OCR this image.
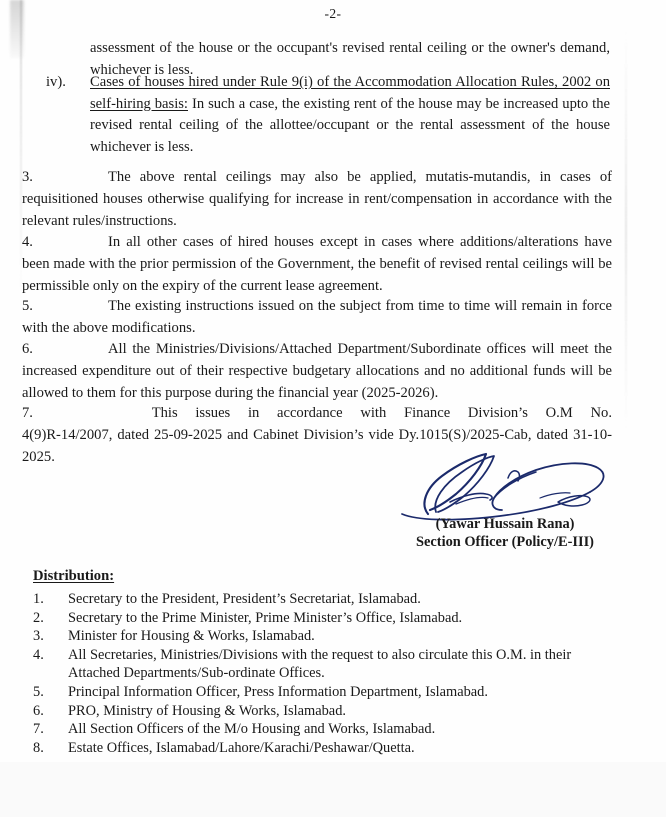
-2-
assessment of the house or the occupant's revised rental ceiling or the owner's demand, whichever is less.
iv). Cases of houses hired under Rule 9(i) of the Accommodation Allocation Rules, 2002 on self-hiring basis: In such a case, the existing rent of the house may be increased upto the revised rental ceiling of the allottee/occupant or the rental assessment of the house whichever is less.
3.	The above rental ceilings may also be applied, mutatis-mutandis, in cases of requisitioned houses otherwise qualifying for increase in rent/compensation in accordance with the relevant rules/instructions.
4.	In all other cases of hired houses except in cases where additions/alterations have been made with the prior permission of the Government, the benefit of revised rental ceilings will be permissible only on the expiry of the current lease agreement.
5.	The existing instructions issued on the subject from time to time will remain in force with the above modifications.
6.	All the Ministries/Divisions/Attached Department/Subordinate offices will meet the increased expenditure out of their respective budgetary allocations and no additional funds will be allowed to them for this purpose during the financial year (2025-2026).
7.	This issues in accordance with Finance Division’s O.M No.
4(9)R-14/2007, dated 25-09-2025 and Cabinet Division’s vide Dy.1015(S)/2025-Cab, dated 31-10-2025.
(Yawar Hussain Rana)
Section Officer (Policy/E-III)
Distribution:
1.	Secretary to the President, President’s Secretariat, Islamabad.
2.	Secretary to the Prime Minister, Prime Minister’s Office, Islamabad.
3.	Minister for Housing & Works, Islamabad.
4.	All Secretaries, Ministries/Divisions with the request to also circulate this O.M. in their Attached Departments/Sub-ordinate Offices.
5.	Principal Information Officer, Press Information Department, Islamabad.
6.	PRO, Ministry of Housing & Works, Islamabad.
7.	All Section Officers of the M/o Housing and Works, Islamabad.
8.	Estate Offices, Islamabad/Lahore/Karachi/Peshawar/Quetta.
